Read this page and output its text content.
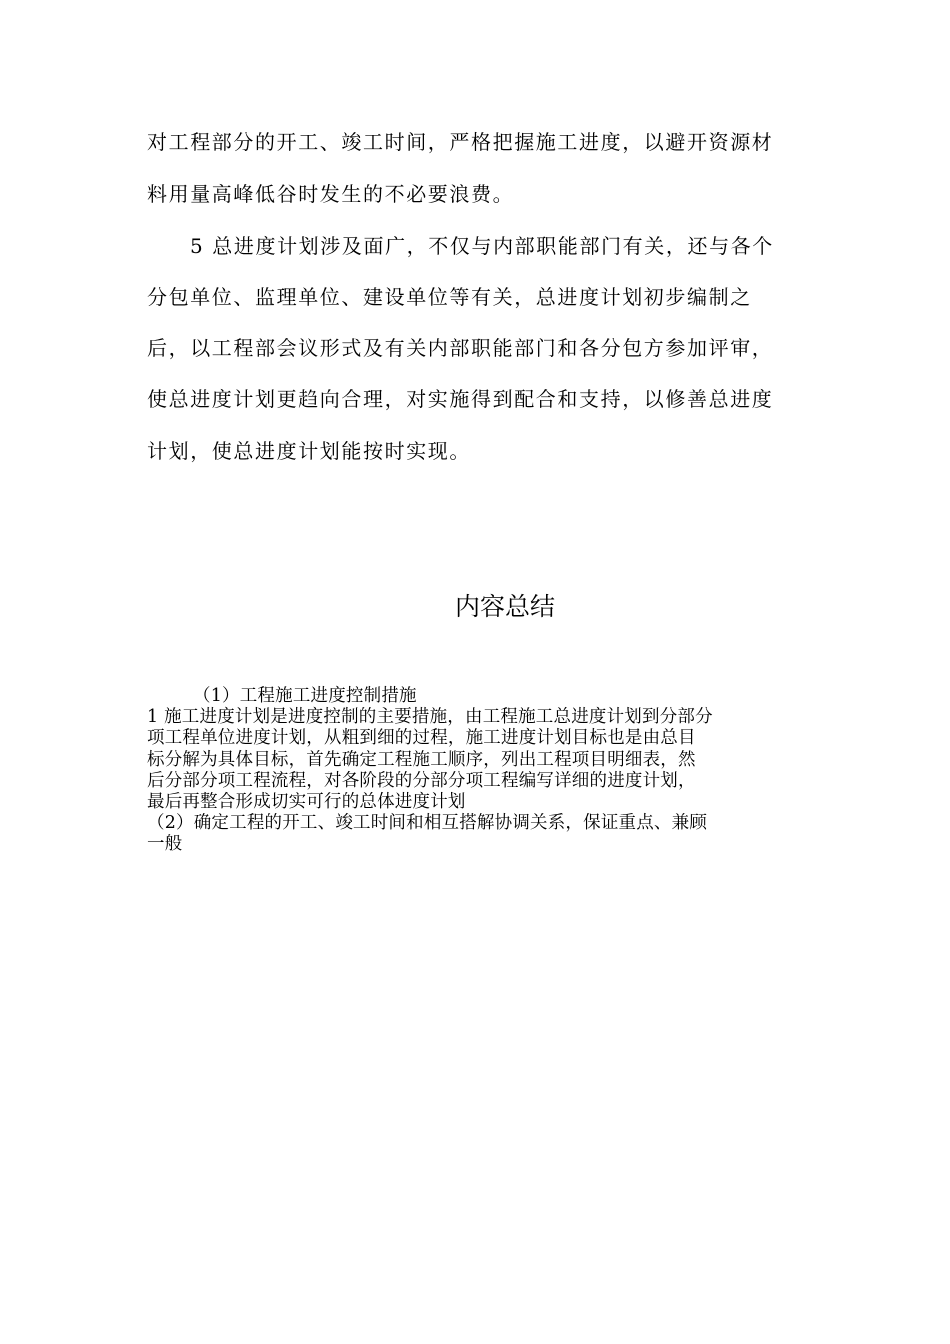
对工程部分的开工、竣工时间，严格把握施工进度，以避开资源材
料用量高峰低谷时发生的不必要浪费。
5 总进度计划涉及面广，不仅与内部职能部门有关，还与各个
分包单位、监理单位、建设单位等有关，总进度计划初步编制之
后，以工程部会议形式及有关内部职能部门和各分包方参加评审，
使总进度计划更趋向合理，对实施得到配合和支持，以修善总进度
计划，使总进度计划能按时实现。
内容总结
（1）工程施工进度控制措施
1 施工进度计划是进度控制的主要措施，由工程施工总进度计划到分部分
项工程单位进度计划，从粗到细的过程，施工进度计划目标也是由总目
标分解为具体目标，首先确定工程施工顺序，列出工程项目明细表，然
后分部分项工程流程，对各阶段的分部分项工程编写详细的进度计划，
最后再整合形成切实可行的总体进度计划
（2）确定工程的开工、竣工时间和相互搭解协调关系，保证重点、兼顾
一般
